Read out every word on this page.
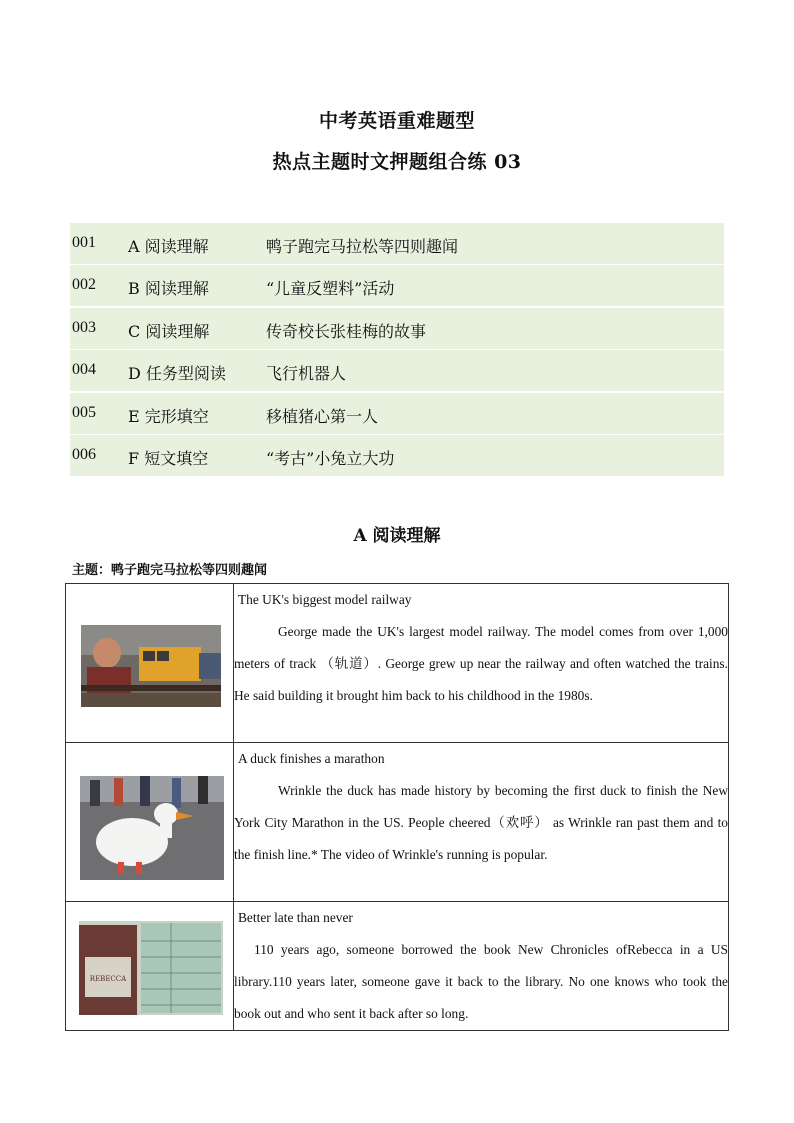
中考英语重难题型
热点主题时文押题组合练 03
001 A 阅读理解	鸭子跑完马拉松等四则趣闻
002 B 阅读理解	“儿童反塑料”活动
003 C 阅读理解	传奇校长张桂梅的故事
004 D 任务型阅读	飞行机器人
005 E 完形填空	移植猪心第一人
006 F 短文填空	“考古”小兔立大功
A 阅读理解
主题：鸭子跑完马拉松等四则趣闻

The UK's biggest model railway
George made the UK's largest model railway. The model comes from over 1,000 meters of track （轨道）. George grew up near the railway and often watched the trains. He said building it brought him back to his childhood in the 1980s.

A duck finishes a marathon
Wrinkle the duck has made history by becoming the first duck to finish the New York City Marathon in the US. People cheered（欢呼） as Wrinkle ran past them and to the finish line.* The video of Wrinkle's running is popular.

REBECCA	Better late than never
110 years ago, someone borrowed the book New Chronicles ofRebecca in a US library.110 years later, someone gave it back to the library. No one knows who took the book out and who sent it back after so long.
